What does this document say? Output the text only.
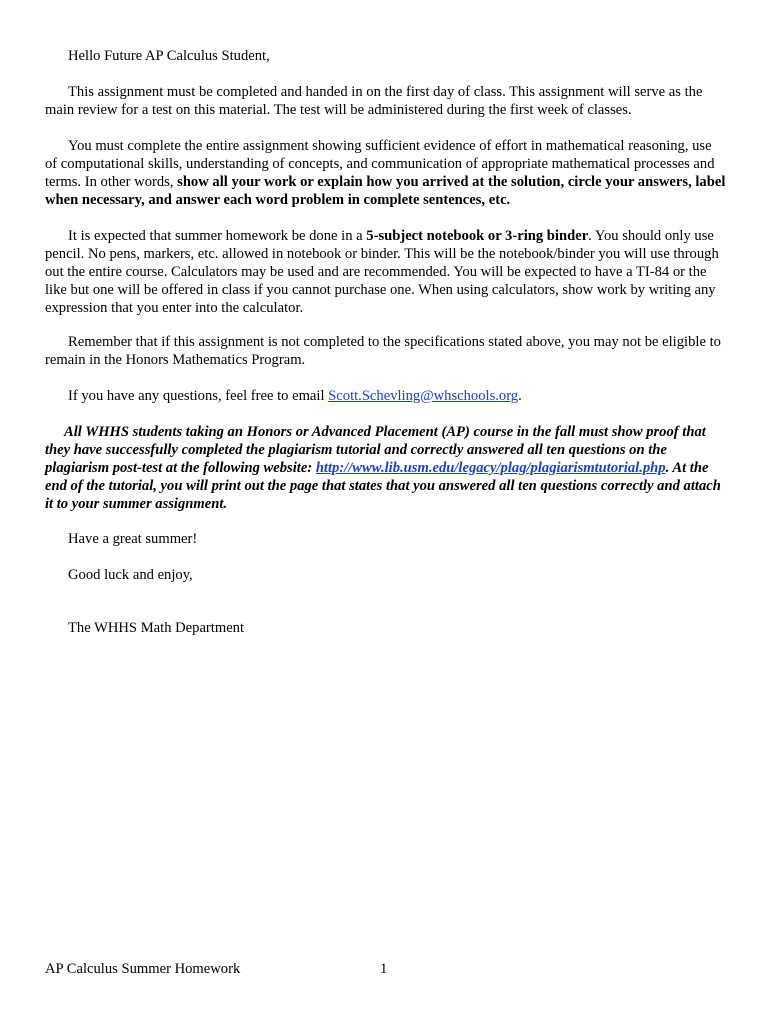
Hello Future AP Calculus Student,

This assignment must be completed and handed in on the first day of class. This assignment will serve as the main review for a test on this material. The test will be administered during the first week of classes.

You must complete the entire assignment showing sufficient evidence of effort in mathematical reasoning, use of computational skills, understanding of concepts, and communication of appropriate mathematical processes and terms. In other words, show all your work or explain how you arrived at the solution, circle your answers, label when necessary, and answer each word problem in complete sentences, etc.

It is expected that summer homework be done in a 5-subject notebook or 3-ring binder. You should only use pencil. No pens, markers, etc. allowed in notebook or binder. This will be the notebook/binder you will use through out the entire course. Calculators may be used and are recommended. You will be expected to have a TI-84 or the like but one will be offered in class if you cannot purchase one. When using calculators, show work by writing any expression that you enter into the calculator.

Remember that if this assignment is not completed to the specifications stated above, you may not be eligible to remain in the Honors Mathematics Program.

If you have any questions, feel free to email Scott.Schevling@whschools.org.

All WHHS students taking an Honors or Advanced Placement (AP) course in the fall must show proof that they have successfully completed the plagiarism tutorial and correctly answered all ten questions on the plagiarism post-test at the following website: http://www.lib.usm.edu/legacy/plag/plagiarismtutorial.php. At the end of the tutorial, you will print out the page that states that you answered all ten questions correctly and attach it to your summer assignment.

Have a great summer!

Good luck and enjoy,

The WHHS Math Department

AP Calculus Summer Homework	1
